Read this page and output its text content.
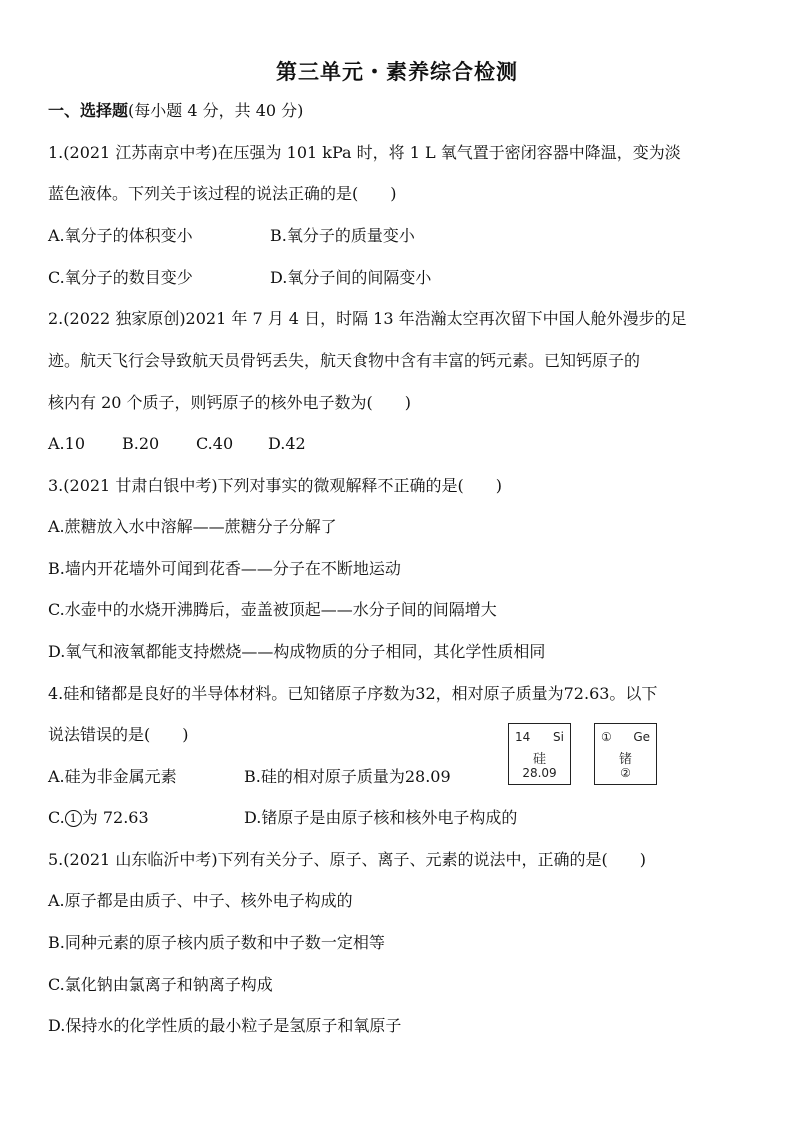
第三单元・素养综合检测
一、选择题(每小题 4 分，共 40 分)
1.(2021 江苏南京中考)在压强为 101 kPa 时，将 1 L 氧气置于密闭容器中降温，变为淡
蓝色液体。下列关于该过程的说法正确的是(　　)
A.氧分子的体积变小	B.氧分子的质量变小
C.氧分子的数目变少	D.氧分子间的间隔变小
2.(2022 独家原创)2021 年 7 月 4 日，时隔 13 年浩瀚太空再次留下中国人舱外漫步的足
迹。航天飞行会导致航天员骨钙丢失，航天食物中含有丰富的钙元素。已知钙原子的
核内有 20 个质子，则钙原子的核外电子数为(　　)
A.10 B.20 C.40 D.42
3.(2021 甘肃白银中考)下列对事实的微观解释不正确的是(　　)
A.蔗糖放入水中溶解——蔗糖分子分解了
B.墙内开花墙外可闻到花香——分子在不断地运动
C.水壶中的水烧开沸腾后，壶盖被顶起——水分子间的间隔增大
D.氧气和液氧都能支持燃烧——构成物质的分子相同，其化学性质相同
4.硅和锗都是良好的半导体材料。已知锗原子序数为32，相对原子质量为72.63。以下
说法错误的是(　　)	14 Si
硅
28.09
① Ge
锗
②
A.硅为非金属元素	B.硅的相对原子质量为28.09
C. 1 为 72.63	D.锗原子是由原子核和核外电子构成的
5.(2021 山东临沂中考)下列有关分子、原子、离子、元素的说法中，正确的是(　　)
A.原子都是由质子、中子、核外电子构成的
B.同种元素的原子核内质子数和中子数一定相等
C.氯化钠由氯离子和钠离子构成
D.保持水的化学性质的最小粒子是氢原子和氧原子
